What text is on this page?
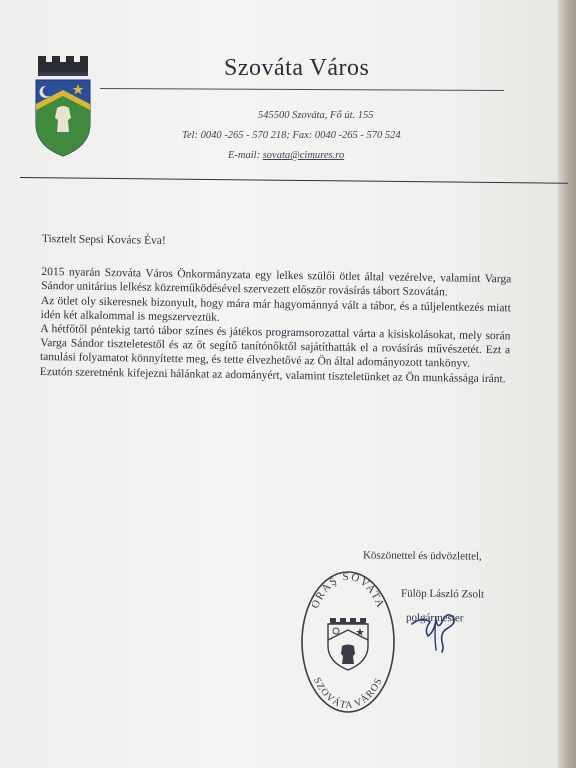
Szováta Város
545500 Szováta, Fő út. 155
Tel: 0040 -265 - 570 218; Fax: 0040 -265 - 570 524
E-mail: sovata@cimures.ro

Tisztelt Sepsi Kovács Éva!

2015 nyarán Szováta Város Önkormányzata egy lelkes szülői ötlet által vezérelve, valamint Varga Sándor unitárius lelkész közreműködésével szervezett először rovásírás tábort Szovátán.

Az ötlet oly sikeresnek bizonyult, hogy mára már hagyománnyá vált a tábor, és a túljelentkezés miatt idén két alkalommal is megszerveztük.

A hétfőtől péntekig tartó tábor színes és játékos programsorozattal várta a kisiskolásokat, mely során Varga Sándor tiszteletestől és az őt segítő tanítónőktől sajátíthatták el a rovásírás művészetét. Ezt a tanulási folyamatot könnyítette meg, és tette élvezhetővé az Ön által adományozott tankönyv.

Ezutón szeretnénk kifejezni hálánkat az adományért, valamint tiszteletünket az Ön munkássága iránt.

Köszönettel és üdvözlettel,
Fülöp László Zsolt
polgármester
ORAŞ SOVATA
SZOVÁTA VÁROS
